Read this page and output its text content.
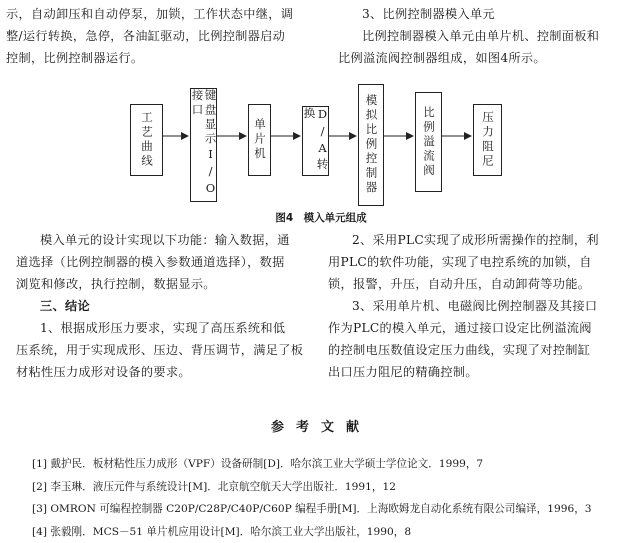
示，自动卸压和自动停泵，加锁，工作状态中继，调

整/运行转换，急停，各油缸驱动，比例控制器启动

控制，比例控制器运行。

3、比例控制器模入单元

比例控制器模入单元由单片机、控制面板和

比例溢流阀控制器组成，如图4所示。

工艺曲线	键盘显示I/O接口
单片机	D/A转换	模拟比例控制器	比例溢流阀	压力阻尼
图4　模入单元组成

模入单元的设计实现以下功能：输入数据，通

道选择（比例控制器的模入参数通道选择），数据

浏览和修改，执行控制，数据显示。

三、结论

1、根据成形压力要求，实现了高压系统和低

压系统，用于实现成形、压边、背压调节，满足了板

材粘性压力成形对设备的要求。

2、采用PLC实现了成形所需操作的控制，利

用PLC的软件功能，实现了电控系统的加锁，自

锁，报警，升压，自动升压，自动卸荷等功能。

3、采用单片机、电磁阀比例控制器及其接口

作为PLC的模入单元，通过接口设定比例溢流阀

的控制电压数值设定压力曲线，实现了对控制缸

出口压力阻尼的精确控制。

参考文献
[1] 戴护民．板材粘性压力成形（VPF）设备研制[D]．哈尔滨工业大学硕士学位论文．1999，7
[2] 李玉琳．液压元件与系统设计[M]．北京航空航天大学出版社．1991，12
[3] OMRON 可编程控制器 C20P/C28P/C40P/C60P 编程手册[M]．上海欧姆龙自动化系统有限公司编译，1996，3
[4] 张毅刚．MCS－51 单片机应用设计[M]．哈尔滨工业大学出版社，1990，8
